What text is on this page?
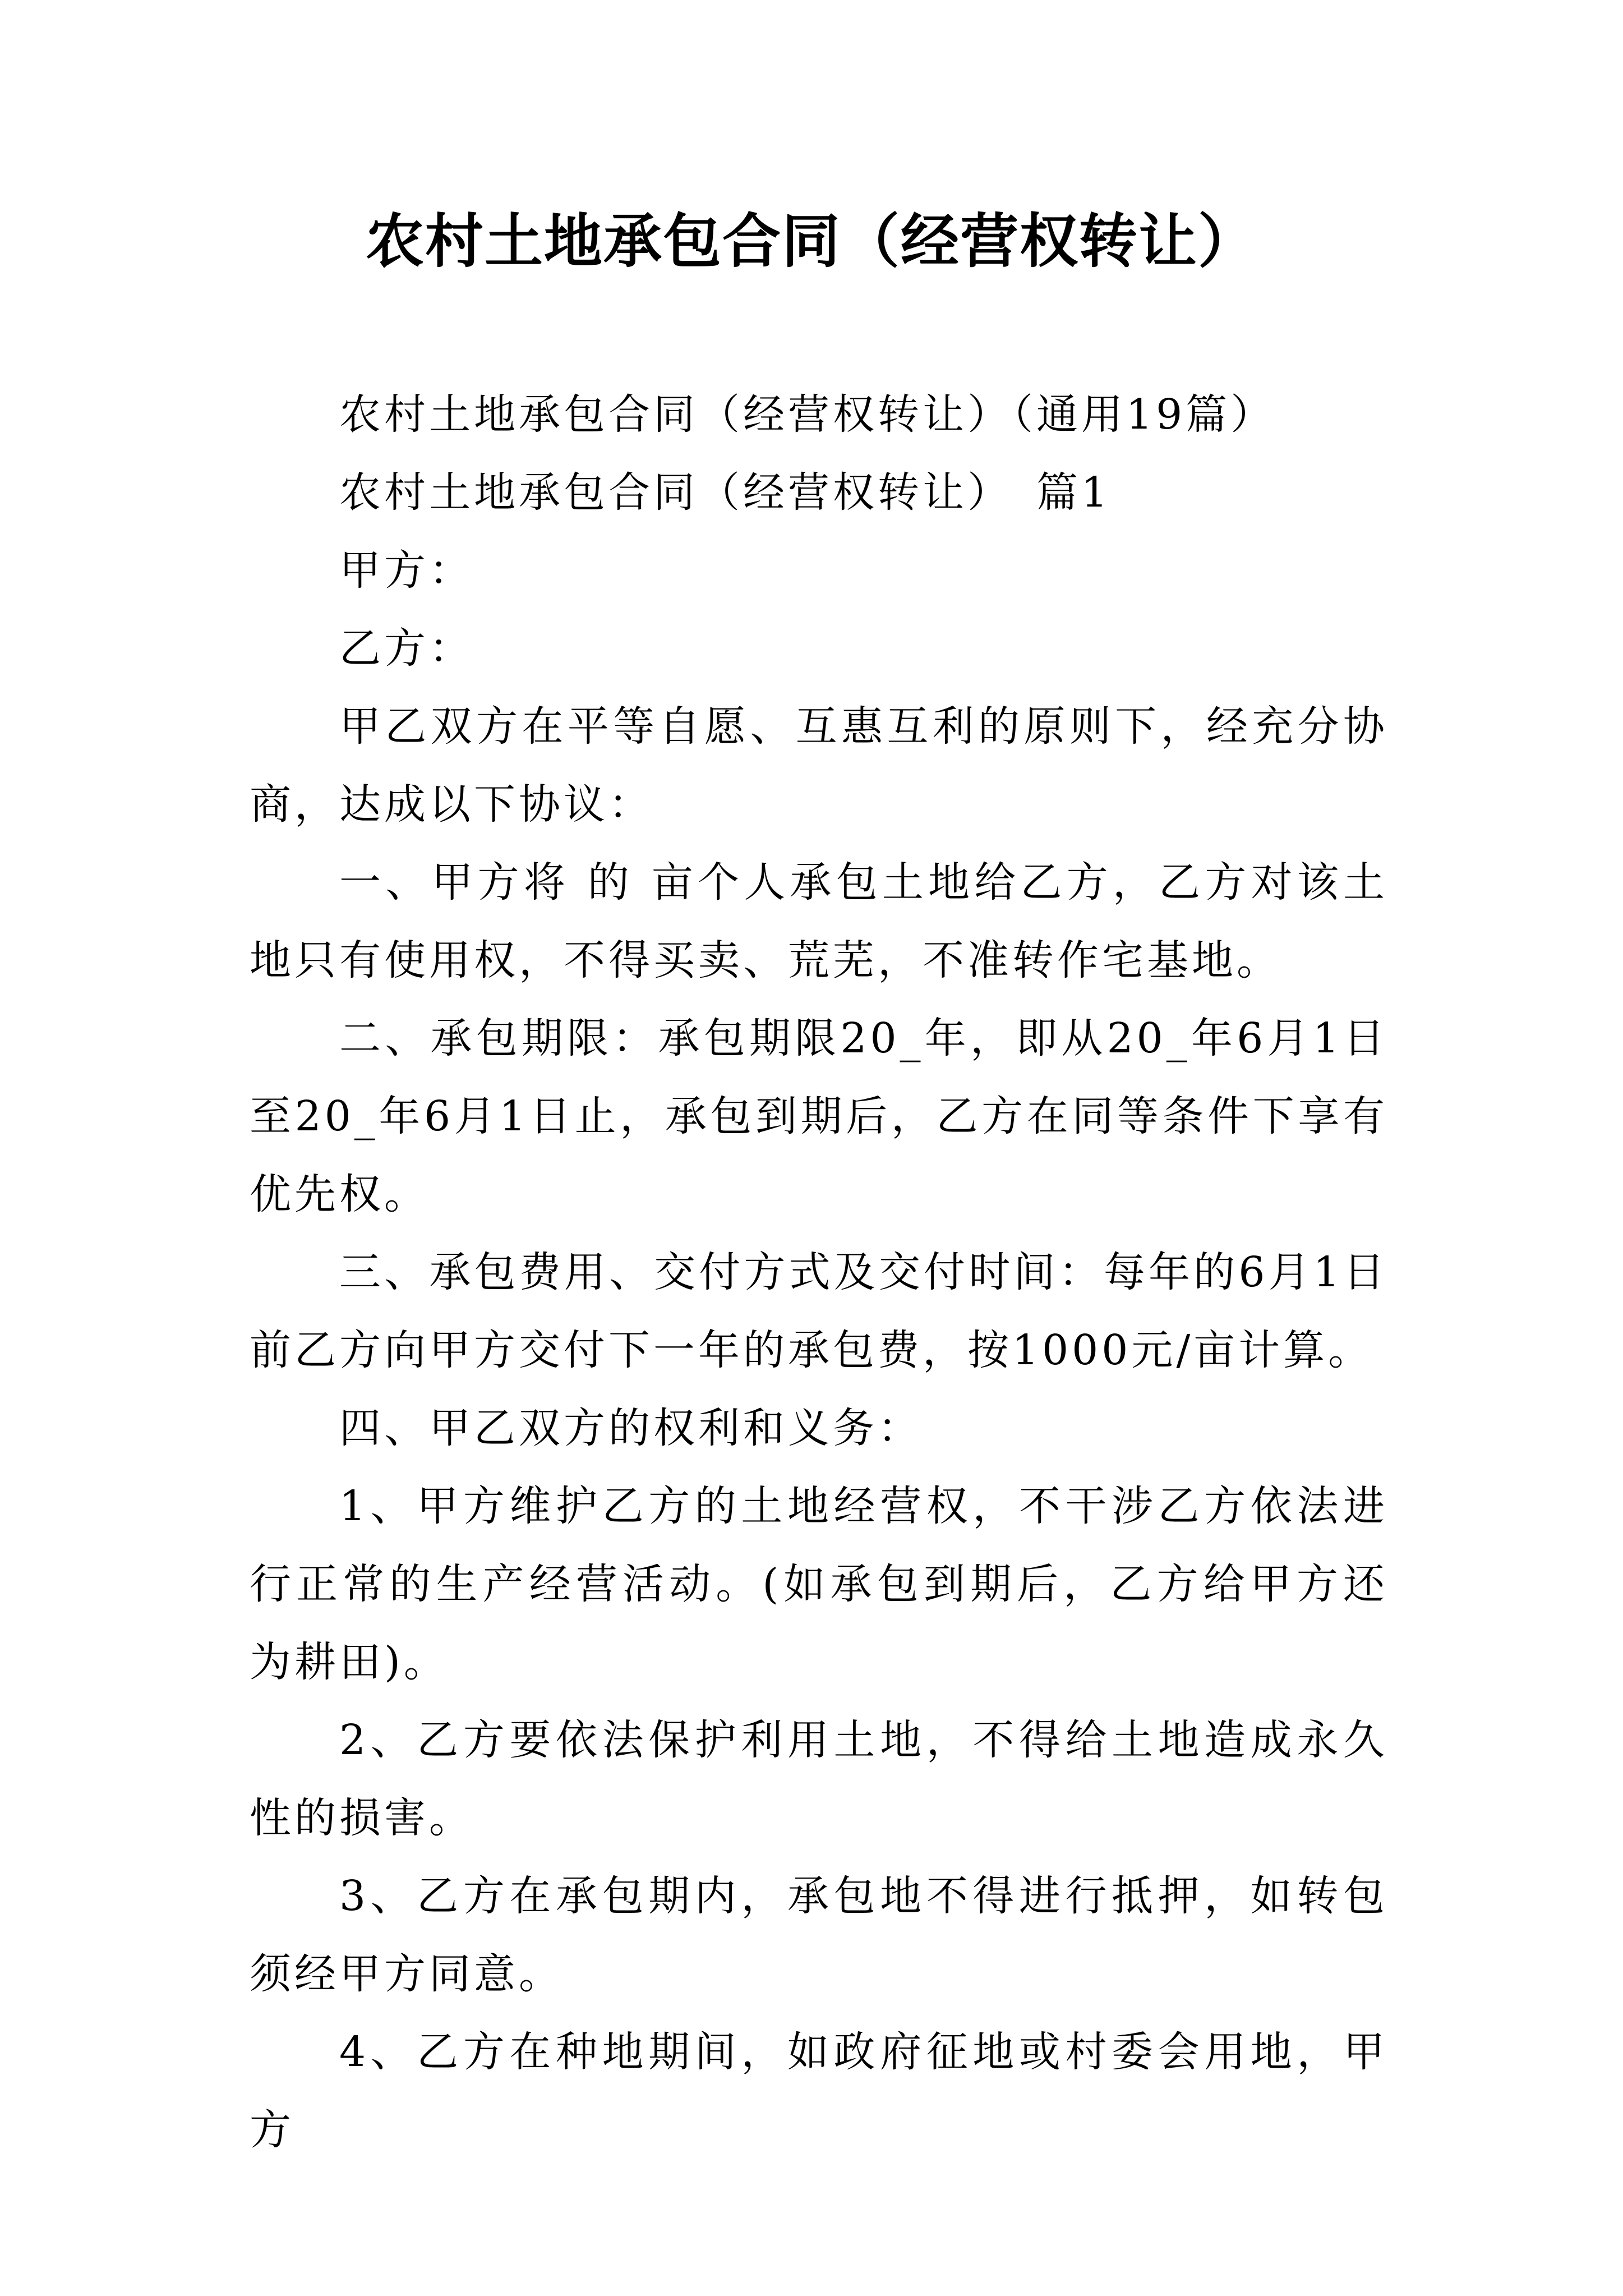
农村土地承包合同（经营权转让）

农村土地承包合同（经营权转让）（通用19篇）

农村土地承包合同（经营权转让）　篇1

甲方：

乙方：

甲乙双方在平等自愿、互惠互利的原则下，经充分协商，达成以下协议：

一、甲方将 的 亩个人承包土地给乙方，乙方对该土地只有使用权，不得买卖、荒芜，不准转作宅基地。

二、承包期限：承包期限20_年，即从20_年6月1日至20_年6月1日止，承包到期后，乙方在同等条件下享有优先权。

三、承包费用、交付方式及交付时间：每年的6月1日前乙方向甲方交付下一年的承包费，按1000元/亩计算。

四、甲乙双方的权利和义务：

1、甲方维护乙方的土地经营权，不干涉乙方依法进行正常的生产经营活动。(如承包到期后，乙方给甲方还为耕田)。

2、乙方要依法保护利用土地，不得给土地造成永久性的损害。

3、乙方在承包期内，承包地不得进行抵押，如转包须经甲方同意。

4、乙方在种地期间，如政府征地或村委会用地，甲方
